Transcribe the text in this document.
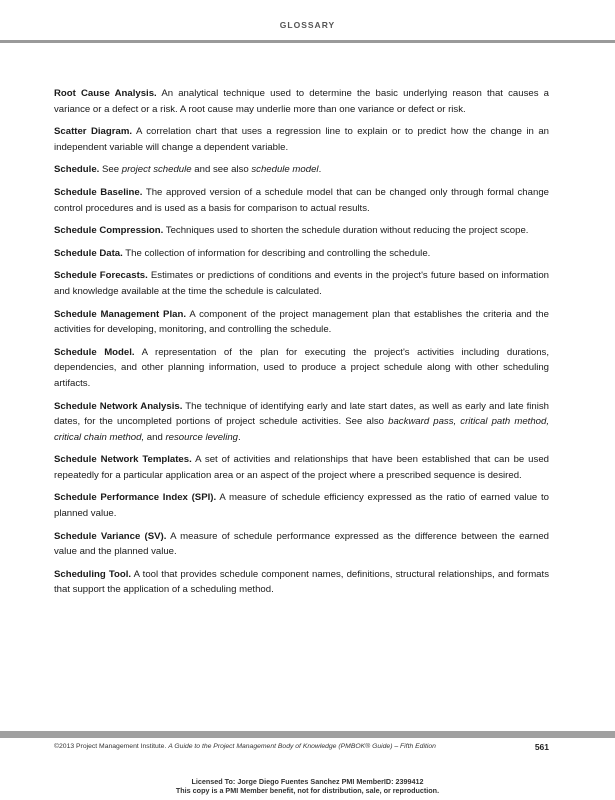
GLOSSARY

Root Cause Analysis. An analytical technique used to determine the basic underlying reason that causes a variance or a defect or a risk. A root cause may underlie more than one variance or defect or risk.

Scatter Diagram. A correlation chart that uses a regression line to explain or to predict how the change in an independent variable will change a dependent variable.

Schedule. See project schedule and see also schedule model.

Schedule Baseline. The approved version of a schedule model that can be changed only through formal change control procedures and is used as a basis for comparison to actual results.

Schedule Compression. Techniques used to shorten the schedule duration without reducing the project scope.

Schedule Data. The collection of information for describing and controlling the schedule.

Schedule Forecasts. Estimates or predictions of conditions and events in the project's future based on information and knowledge available at the time the schedule is calculated.

Schedule Management Plan. A component of the project management plan that establishes the criteria and the activities for developing, monitoring, and controlling the schedule.

Schedule Model. A representation of the plan for executing the project's activities including durations, dependencies, and other planning information, used to produce a project schedule along with other scheduling artifacts.

Schedule Network Analysis. The technique of identifying early and late start dates, as well as early and late finish dates, for the uncompleted portions of project schedule activities. See also backward pass, critical path method, critical chain method, and resource leveling.

Schedule Network Templates. A set of activities and relationships that have been established that can be used repeatedly for a particular application area or an aspect of the project where a prescribed sequence is desired.

Schedule Performance Index (SPI). A measure of schedule efficiency expressed as the ratio of earned value to planned value.

Schedule Variance (SV). A measure of schedule performance expressed as the difference between the earned value and the planned value.

Scheduling Tool. A tool that provides schedule component names, definitions, structural relationships, and formats that support the application of a scheduling method.

©2013 Project Management Institute. A Guide to the Project Management Body of Knowledge (PMBOK® Guide) – Fifth Edition	561
Licensed To: Jorge Diego Fuentes Sanchez PMI MemberID: 2399412
This copy is a PMI Member benefit, not for distribution, sale, or reproduction.
